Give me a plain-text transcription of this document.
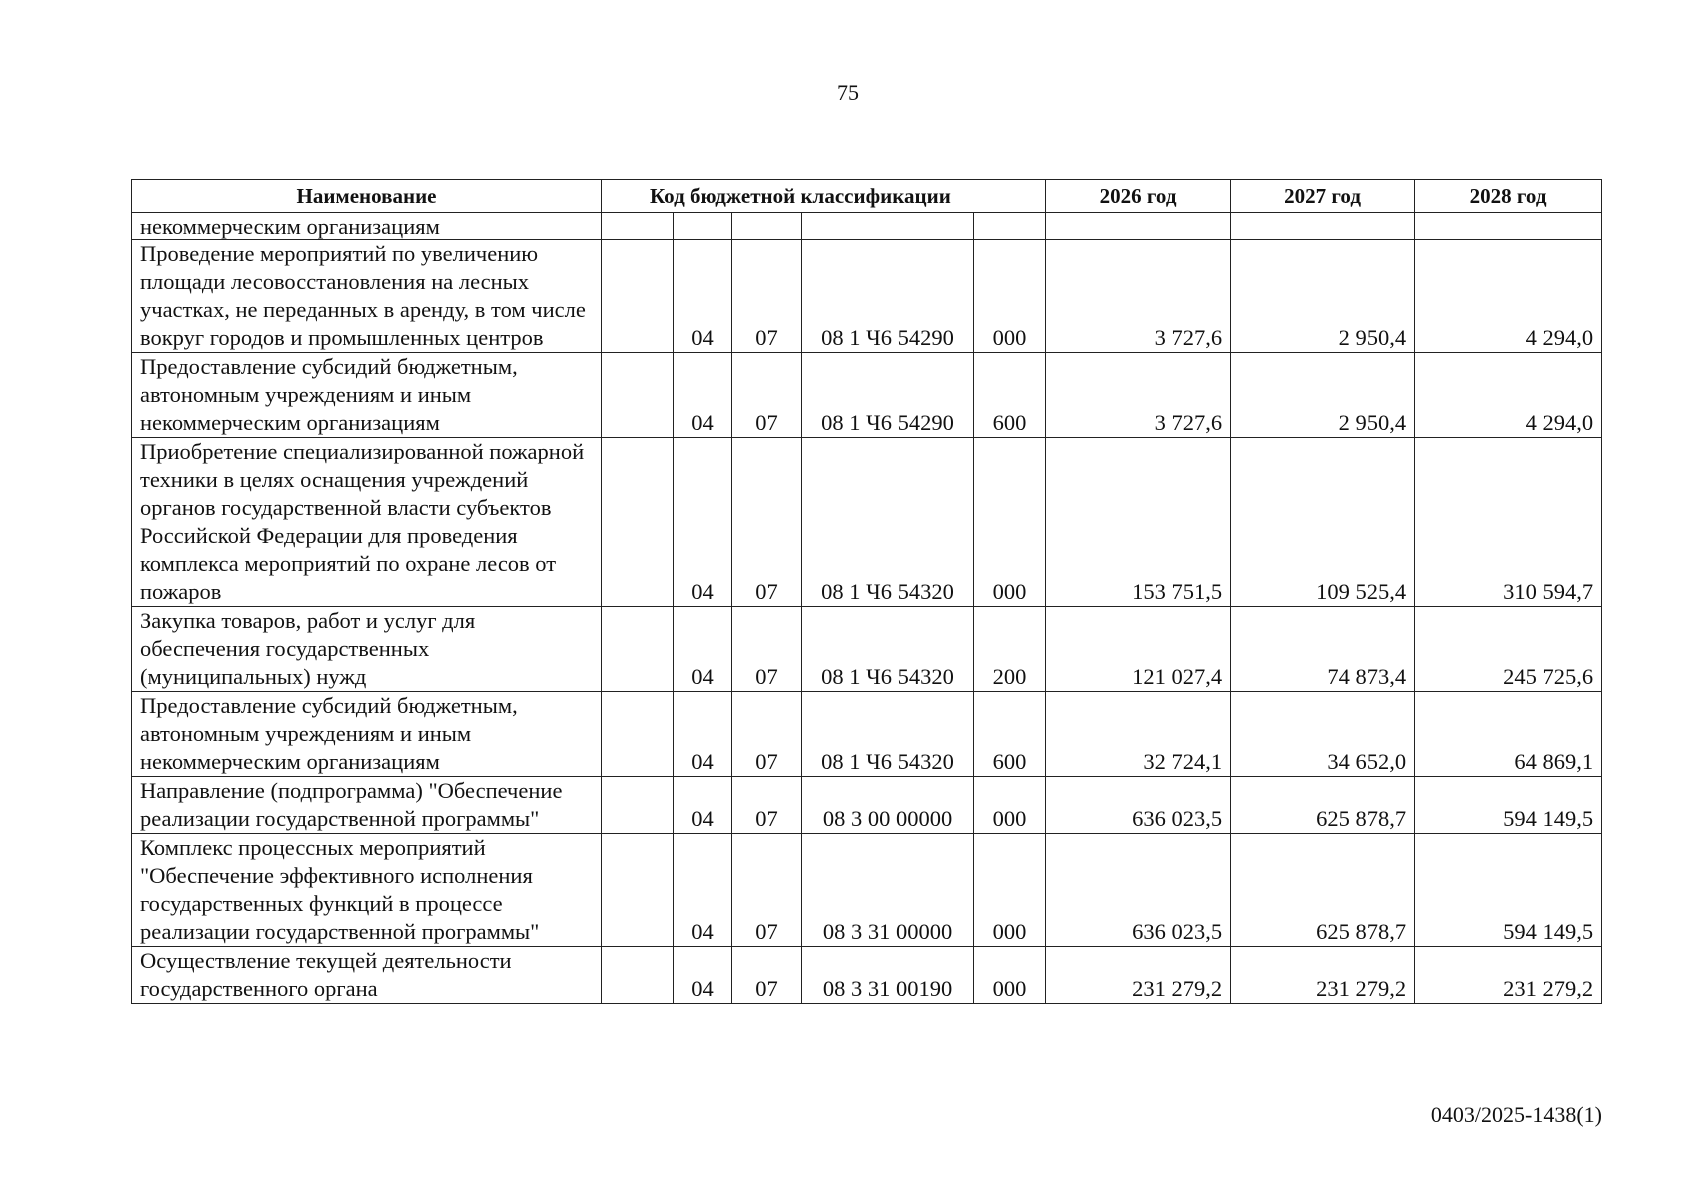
75
Наименование	Код бюджетной классификации					2026 год	2027 год	2028 год
некоммерческим организациям								
Проведение мероприятий по увеличению площади лесовосстановления на лесных участках, не переданных в аренду, в том числе вокруг городов и промышленных центров		04	07	08 1 Ч6 54290	000	3 727,6	2 950,4	4 294,0
Предоставление субсидий бюджетным, автономным учреждениям и иным некоммерческим организациям		04	07	08 1 Ч6 54290	600	3 727,6	2 950,4	4 294,0
Приобретение специализированной пожарной техники в целях оснащения учреждений органов государственной власти субъектов Российской Федерации для проведения комплекса мероприятий по охране лесов от пожаров		04	07	08 1 Ч6 54320	000	153 751,5	109 525,4	310 594,7
Закупка товаров, работ и услуг для обеспечения государственных (муниципальных) нужд		04	07	08 1 Ч6 54320	200	121 027,4	74 873,4	245 725,6
Предоставление субсидий бюджетным, автономным учреждениям и иным некоммерческим организациям		04	07	08 1 Ч6 54320	600	32 724,1	34 652,0	64 869,1
Направление (подпрограмма) "Обеспечение реализации государственной программы"		04	07	08 3 00 00000	000	636 023,5	625 878,7	594 149,5
Комплекс процессных мероприятий "Обеспечение эффективного исполнения государственных функций в процессе реализации государственной программы"		04	07	08 3 31 00000	000	636 023,5	625 878,7	594 149,5
Осуществление текущей деятельности государственного органа		04	07	08 3 31 00190	000	231 279,2	231 279,2	231 279,2
0403/2025-1438(1)
